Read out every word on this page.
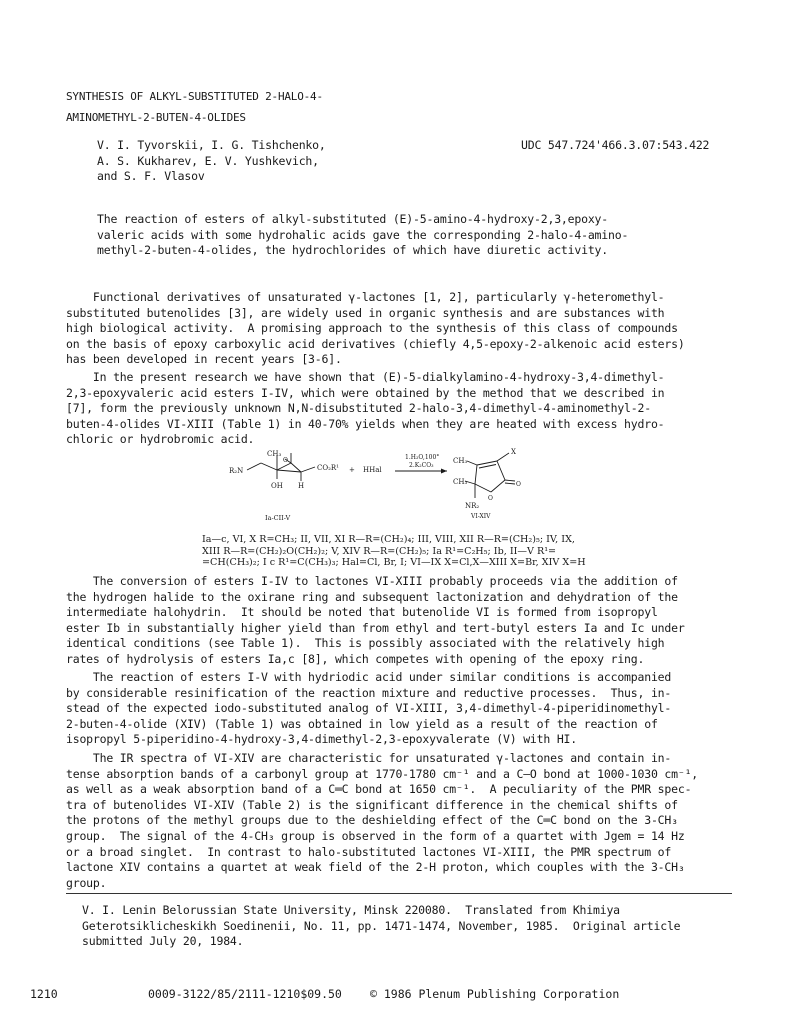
SYNTHESIS OF ALKYL-SUBSTITUTED 2-HALO-4-
AMINOMETHYL-2-BUTEN-4-OLIDES
V. I. Tyvorskii, I. G. Tishchenko,
A. S. Kukharev, E. V. Yushkevich,
and S. F. Vlasov
UDC 547.724'466.3.07:543.422
The reaction of esters of alkyl-substituted (E)-5-amino-4-hydroxy-2,3,epoxy-
valeric acids with some hydrohalic acids gave the corresponding 2-halo-4-amino-
methyl-2-buten-4-olides, the hydrochlorides of which have diuretic activity.
Functional derivatives of unsaturated γ-lactones [1, 2], particularly γ-heteromethyl-
substituted butenolides [3], are widely used in organic synthesis and are substances with
high biological activity.  A promising approach to the synthesis of this class of compounds
on the basis of epoxy carboxylic acid derivatives (chiefly 4,5-epoxy-2-alkenoic acid esters)
has been developed in recent years [3-6].
In the present research we have shown that (E)-5-dialkylamino-4-hydroxy-3,4-dimethyl-
2,3-epoxyvaleric acid esters I-IV, which were obtained by the method that we described in
[7], form the previously unknown N,N-disubstituted 2-halo-3,4-dimethyl-4-aminomethyl-2-
buten-4-olides VI-XIII (Table 1) in 40-70% yields when they are heated with excess hydro-
chloric or hydrobromic acid.
R₂N
CH₃
O
CO₂R¹
OH H
+ HHal
1.H₂O,100°
2.K₂CO₃
CH₃
CH₃
X
O
O
NR₂
VI-XIV
Ia-CII-V
Ia—c, VI, X R=CH₃; II, VII, XI R—R=(CH₂)₄; III, VIII, XII R—R=(CH₂)₅; IV, IX,
XIII R—R=(CH₂)₂O(CH₂)₂; V, XIV R—R=(CH₂)₅; Ia R¹=C₂H₅; Ib, II—V R¹=
=CH(CH₃)₂; I c R¹=C(CH₃)₃; Hal=Cl, Br, I; VI—IX X=Cl,X—XIII X=Br, XIV X=H
The conversion of esters I-IV to lactones VI-XIII probably proceeds via the addition of
the hydrogen halide to the oxirane ring and subsequent lactonization and dehydration of the
intermediate halohydrin.  It should be noted that butenolide VI is formed from isopropyl
ester Ib in substantially higher yield than from ethyl and tert-butyl esters Ia and Ic under
identical conditions (see Table 1).  This is possibly associated with the relatively high
rates of hydrolysis of esters Ia,c [8], which competes with opening of the epoxy ring.
The reaction of esters I-V with hydriodic acid under similar conditions is accompanied
by considerable resinification of the reaction mixture and reductive processes.  Thus, in-
stead of the expected iodo-substituted analog of VI-XIII, 3,4-dimethyl-4-piperidinomethyl-
2-buten-4-olide (XIV) (Table 1) was obtained in low yield as a result of the reaction of
isopropyl 5-piperidino-4-hydroxy-3,4-dimethyl-2,3-epoxyvalerate (V) with HI.
The IR spectra of VI-XIV are characteristic for unsaturated γ-lactones and contain in-
tense absorption bands of a carbonyl group at 1770-1780 cm⁻¹ and a C—O bond at 1000-1030 cm⁻¹,
as well as a weak absorption band of a C═C bond at 1650 cm⁻¹.  A peculiarity of the PMR spec-
tra of butenolides VI-XIV (Table 2) is the significant difference in the chemical shifts of
the protons of the methyl groups due to the deshielding effect of the C═C bond on the 3-CH₃
group.  The signal of the 4-CH₃ group is observed in the form of a quartet with Jgem = 14 Hz
or a broad singlet.  In contrast to halo-substituted lactones VI-XIII, the PMR spectrum of
lactone XIV contains a quartet at weak field of the 2-H proton, which couples with the 3-CH₃
group.
V. I. Lenin Belorussian State University, Minsk 220080.  Translated from Khimiya
Geterotsiklicheskikh Soedinenii, No. 11, pp. 1471-1474, November, 1985.  Original article
submitted July 20, 1984.
1210	0009-3122/85/2111-1210$09.50 © 1986 Plenum Publishing Corporation
